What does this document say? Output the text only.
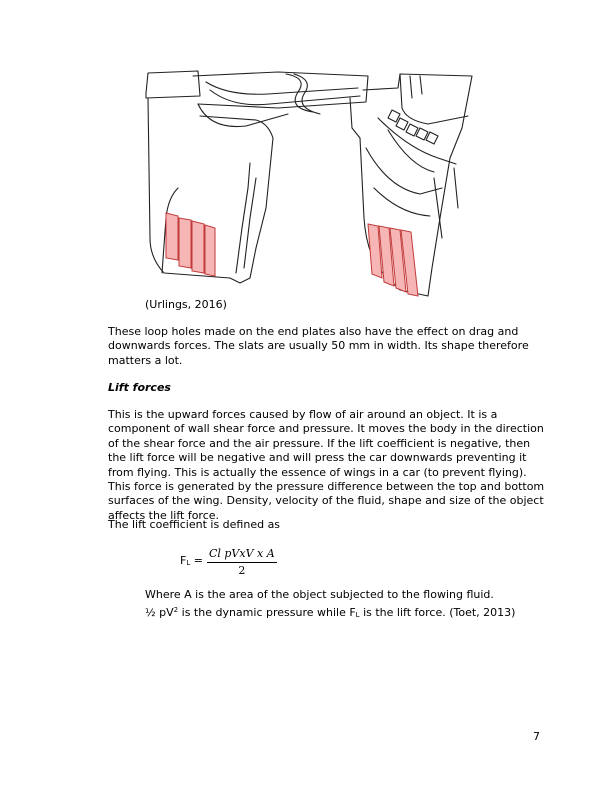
(Urlings, 2016)

These loop holes made on the end plates also have the effect on drag and downwards forces. The slats are usually 50 mm in width. Its shape therefore matters a lot.

Lift forces

This is the upward forces caused by flow of air around an object. It is a component of wall shear force and pressure. It moves the body in the direction of the shear force and the air pressure. If the lift coefficient is negative, then the lift force will be negative and will press the car downwards preventing it from flying. This is actually the essence of wings in a car (to prevent flying). This force is generated by the pressure difference between the top and bottom surfaces of the wing. Density, velocity of the fluid, shape and size of the object affects the lift force.

The lift coefficient is defined as

$F_L = \frac{\text{Cl pVxV x A}}{2}$
Where A is the area of the object subjected to the flowing fluid.
½ $pV^2$ is the dynamic pressure while $F_L$ is the lift force. (Toet, 2013)
7
